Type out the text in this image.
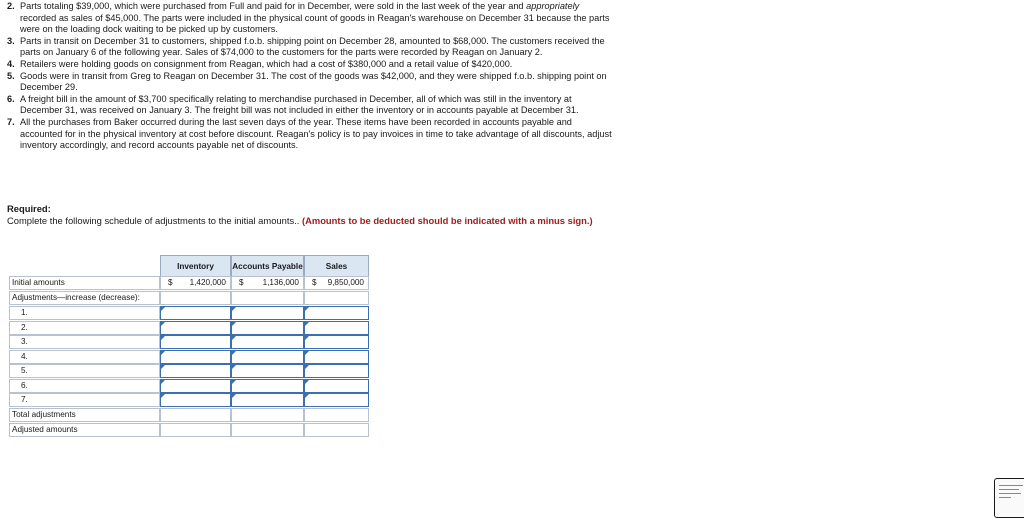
2. Parts totaling $39,000, which were purchased from Full and paid for in December, were sold in the last week of the year and appropriately recorded as sales of $45,000. The parts were included in the physical count of goods in Reagan's warehouse on December 31 because the parts were on the loading dock waiting to be picked up by customers.
3. Parts in transit on December 31 to customers, shipped f.o.b. shipping point on December 28, amounted to $68,000. The customers received the parts on January 6 of the following year. Sales of $74,000 to the customers for the parts were recorded by Reagan on January 2.
4. Retailers were holding goods on consignment from Reagan, which had a cost of $380,000 and a retail value of $420,000.
5. Goods were in transit from Greg to Reagan on December 31. The cost of the goods was $42,000, and they were shipped f.o.b. shipping point on December 29.
6. A freight bill in the amount of $3,700 specifically relating to merchandise purchased in December, all of which was still in the inventory at December 31, was received on January 3. The freight bill was not included in either the inventory or in accounts payable at December 31.
7. All the purchases from Baker occurred during the last seven days of the year. These items have been recorded in accounts payable and accounted for in the physical inventory at cost before discount. Reagan's policy is to pay invoices in time to take advantage of all discounts, adjust inventory accordingly, and record accounts payable net of discounts.
Required:
Complete the following schedule of adjustments to the initial amounts.. (Amounts to be deducted should be indicated with a minus sign.)
Inventory	Accounts Payable	Sales
Initial amounts	$ 1,420,000 $ 1,136,000 $ 9,850,000
Adjustments—increase (decrease):
1.
2.
3.
4.
5.
6.
7.
Total adjustments
Adjusted amounts
